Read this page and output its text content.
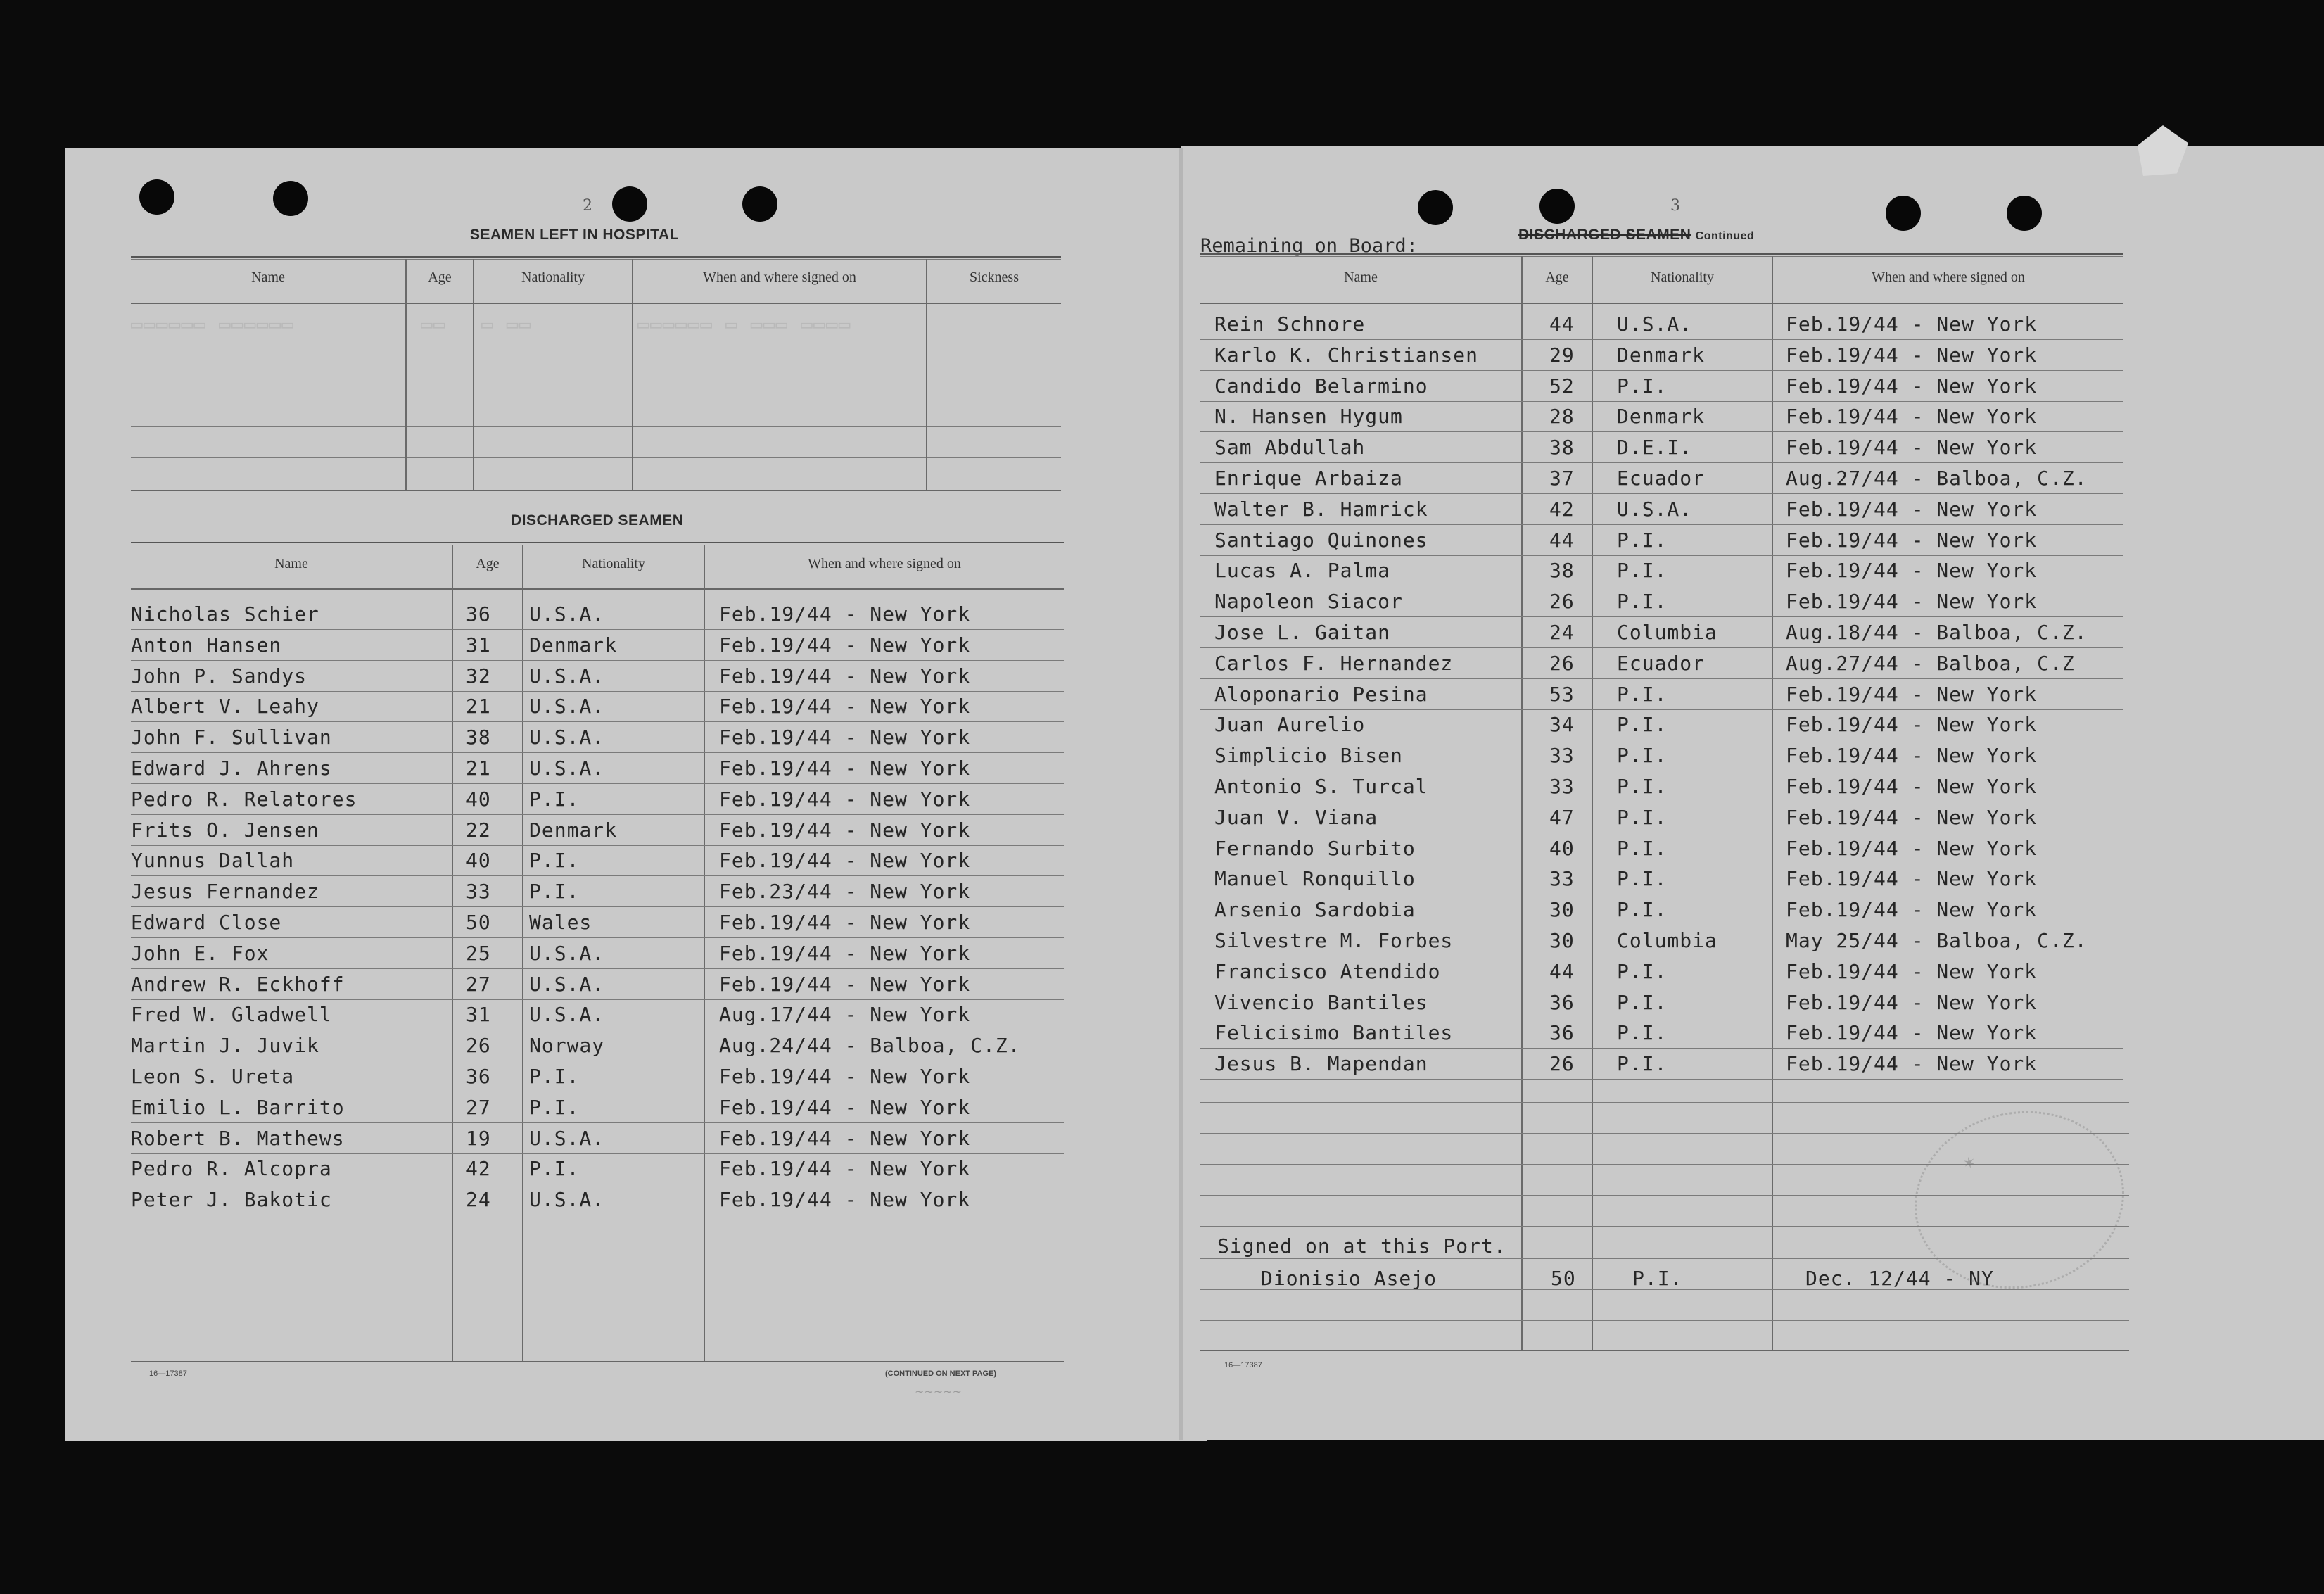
2
SEAMEN LEFT IN HOSPITAL
Name	Age	Nationality	When and where signed on	Sickness
▭▭▭▭▭▭ ▭▭▭▭▭▭	▭▭ ▭ ▭▭	▭▭▭▭▭▭ ▭ ▭▭▭ ▭▭▭▭
DISCHARGED SEAMEN
Name	Age	Nationality	When and where signed on
Nicholas Schier	36 U.S.A.	Feb.19/44 - New York
Anton Hansen	31 Denmark	Feb.19/44 - New York
John P. Sandys	32 U.S.A.	Feb.19/44 - New York
Albert V. Leahy	21 U.S.A.	Feb.19/44 - New York
John F. Sullivan	38 U.S.A.	Feb.19/44 - New York
Edward J. Ahrens	21 U.S.A.	Feb.19/44 - New York
Pedro R. Relatores	40 P.I.	Feb.19/44 - New York
Frits O. Jensen	22 Denmark	Feb.19/44 - New York
Yunnus Dallah	40 P.I.	Feb.19/44 - New York
Jesus Fernandez	33 P.I.	Feb.23/44 - New York
Edward Close	50 Wales	Feb.19/44 - New York
John E. Fox	25 U.S.A.	Feb.19/44 - New York
Andrew R. Eckhoff	27 U.S.A.	Feb.19/44 - New York
Fred W. Gladwell	31 U.S.A.	Aug.17/44 - New York
Martin J. Juvik	26 Norway	Aug.24/44 - Balboa, C.Z.
Leon S. Ureta	36 P.I.	Feb.19/44 - New York
Emilio L. Barrito	27 P.I.	Feb.19/44 - New York
Robert B. Mathews	19 U.S.A.	Feb.19/44 - New York
Pedro R. Alcopra	42 P.I.	Feb.19/44 - New York
Peter J. Bakotic	24 U.S.A.	Feb.19/44 - New York
16—17387	(CONTINUED ON NEXT PAGE)
~~~~~
3
Remaining on Board:
DISCHARGED SEAMEN Continued
Name	Age	Nationality	When and where signed on
Rein Schnore	44 U.S.A.	Feb.19/44 - New York
Karlo K. Christiansen	29 Denmark	Feb.19/44 - New York
Candido Belarmino	52 P.I.	Feb.19/44 - New York
N. Hansen Hygum	28 Denmark	Feb.19/44 - New York
Sam Abdullah	38 D.E.I.	Feb.19/44 - New York
Enrique Arbaiza	37 Ecuador	Aug.27/44 - Balboa, C.Z.
Walter B. Hamrick	42 U.S.A.	Feb.19/44 - New York
Santiago Quinones	44 P.I.	Feb.19/44 - New York
Lucas A. Palma	38 P.I.	Feb.19/44 - New York
Napoleon Siacor	26 P.I.	Feb.19/44 - New York
Jose L. Gaitan	24 Columbia	Aug.18/44 - Balboa, C.Z.
Carlos F. Hernandez	26 Ecuador	Aug.27/44 - Balboa, C.Z
Aloponario Pesina	53 P.I.	Feb.19/44 - New York
Juan Aurelio	34 P.I.	Feb.19/44 - New York
Simplicio Bisen	33 P.I.	Feb.19/44 - New York
Antonio S. Turcal	33 P.I.	Feb.19/44 - New York
Juan V. Viana	47 P.I.	Feb.19/44 - New York
Fernando Surbito	40 P.I.	Feb.19/44 - New York
Manuel Ronquillo	33 P.I.	Feb.19/44 - New York
Arsenio Sardobia	30 P.I.	Feb.19/44 - New York
Silvestre M. Forbes	30 Columbia	May 25/44 - Balboa, C.Z.
Francisco Atendido	44 P.I.	Feb.19/44 - New York
Vivencio Bantiles	36 P.I.	Feb.19/44 - New York
Felicisimo Bantiles	36 P.I.	Feb.19/44 - New York
Jesus B. Mapendan	26 P.I.	Feb.19/44 - New York
Signed on at this Port.
Dionisio Asejo	50	P.I.	Dec. 12/44 - NY
16—17387
✶
